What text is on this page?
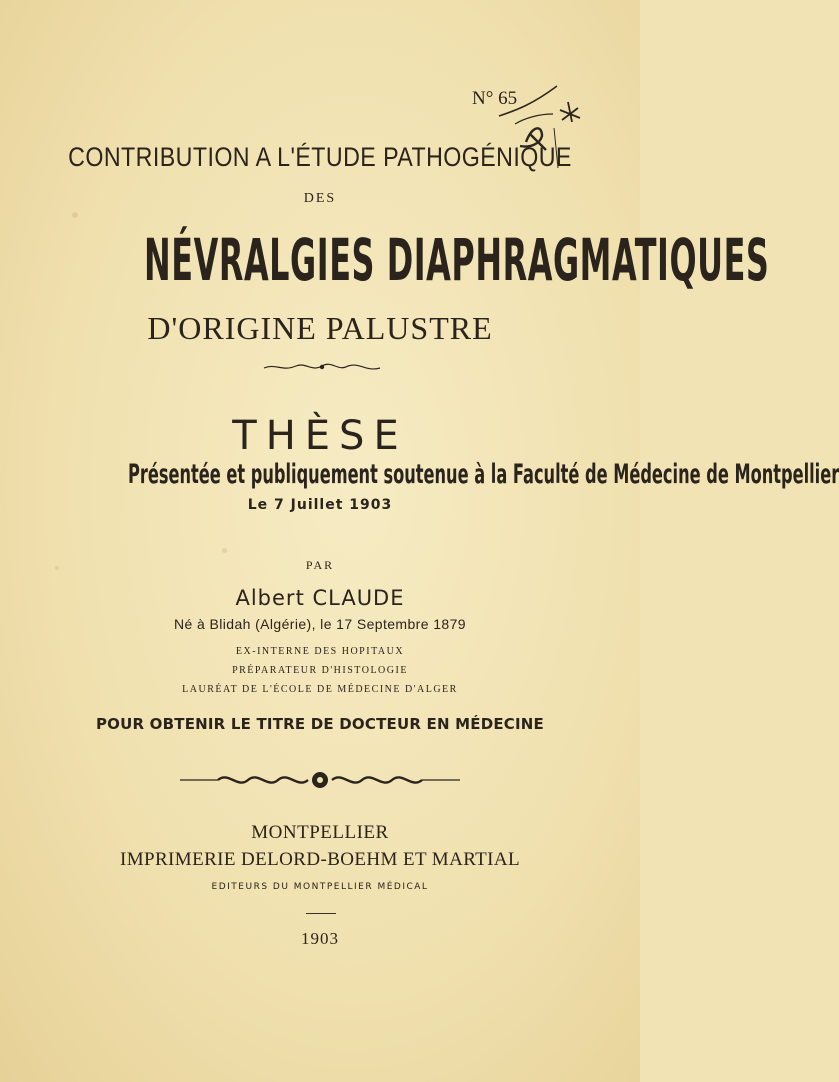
N° 65
CONTRIBUTION A L'ÉTUDE PATHOGÉNIQUE
DES
NÉVRALGIES DIAPHRAGMATIQUES
D'ORIGINE PALUSTRE
THÈSE
Présentée et publiquement soutenue à la Faculté de Médecine de Montpellier
Le 7 Juillet 1903
PAR
Albert CLAUDE
Né à Blidah (Algérie), le 17 Septembre 1879
EX-INTERNE DES HOPITAUX
PRÉPARATEUR D'HISTOLOGIE
LAURÉAT DE L'ÉCOLE DE MÉDECINE D'ALGER
POUR OBTENIR LE TITRE DE DOCTEUR EN MÉDECINE
MONTPELLIER
IMPRIMERIE DELORD-BOEHM ET MARTIAL
EDITEURS DU MONTPELLIER MÉDICAL
1903
